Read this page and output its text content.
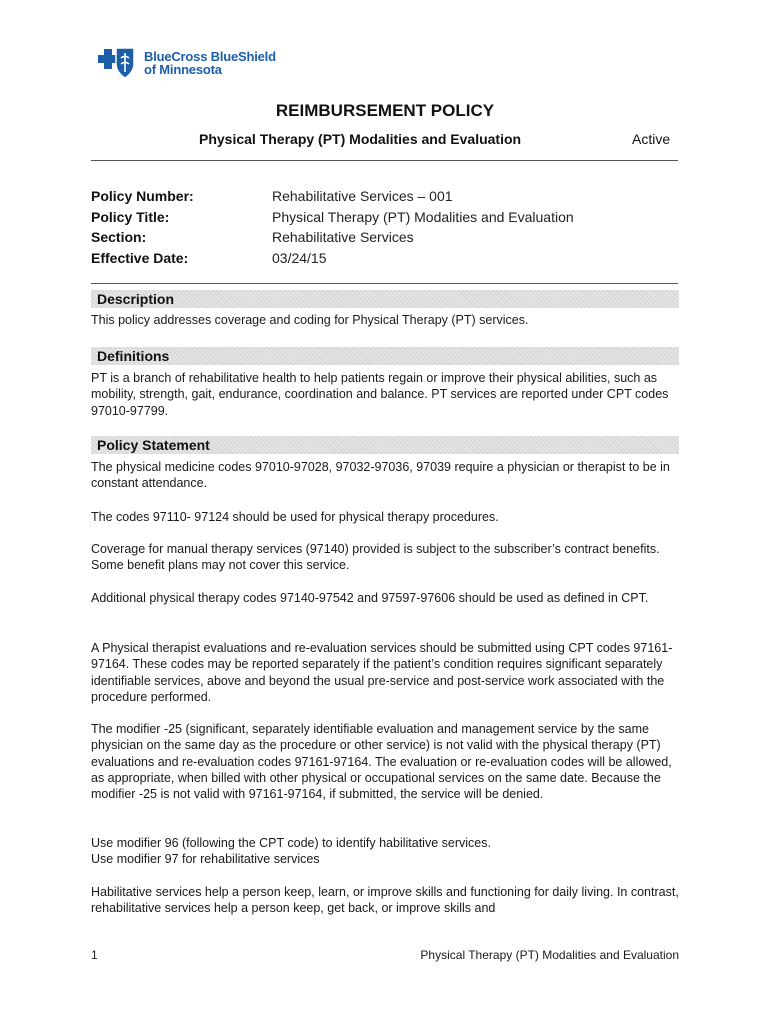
BlueCross BlueShield
of Minnesota
REIMBURSEMENT POLICY
Physical Therapy (PT) Modalities and Evaluation	Active
Policy Number:	Rehabilitative Services – 001
Policy Title:	Physical Therapy (PT) Modalities and Evaluation
Section:	Rehabilitative Services
Effective Date:	03/24/15
Description
This policy addresses coverage and coding for Physical Therapy (PT) services.
Definitions
PT is a branch of rehabilitative health to help patients regain or improve their physical abilities, such as mobility, strength, gait, endurance, coordination and balance. PT services are reported under CPT codes 97010-97799.
Policy Statement
The physical medicine codes 97010-97028, 97032-97036, 97039 require a physician or therapist to be in constant attendance.
The codes 97110- 97124 should be used for physical therapy procedures.
Coverage for manual therapy services (97140) provided is subject to the subscriber’s contract benefits. Some benefit plans may not cover this service.
Additional physical therapy codes 97140-97542 and 97597-97606 should be used as defined in CPT.
A Physical therapist evaluations and re-evaluation services should be submitted using CPT codes 97161-97164. These codes may be reported separately if the patient’s condition requires significant separately identifiable services, above and beyond the usual pre-service and post-service work associated with the procedure performed.
The modifier -25 (significant, separately identifiable evaluation and management service by the same physician on the same day as the procedure or other service) is not valid with the physical therapy (PT) evaluations and re-evaluation codes 97161-97164. The evaluation or re-evaluation codes will be allowed, as appropriate, when billed with other physical or occupational services on the same date. Because the modifier -25 is not valid with 97161-97164, if submitted, the service will be denied.
Use modifier 96 (following the CPT code) to identify habilitative services.
Use modifier 97 for rehabilitative services
Habilitative services help a person keep, learn, or improve skills and functioning for daily living. In contrast, rehabilitative services help a person keep, get back, or improve skills and
1	Physical Therapy (PT) Modalities and Evaluation
